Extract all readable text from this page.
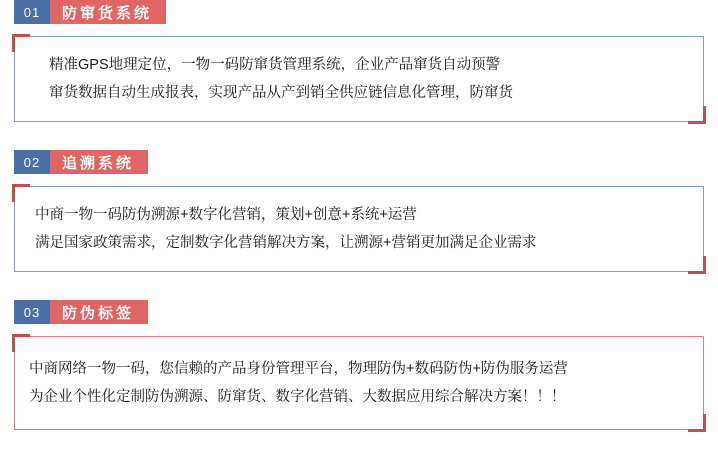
01	防窜货系统
精准GPS地理定位，一物一码防窜货管理系统，企业产品窜货自动预警
窜货数据自动生成报表，实现产品从产到销全供应链信息化管理，防窜货
02	追溯系统
中商一物一码防伪溯源+数字化营销，策划+创意+系统+运营
满足国家政策需求，定制数字化营销解决方案，让溯源+营销更加满足企业需求
03	防伪标签
中商网络一物一码，您信赖的产品身份管理平台，物理防伪+数码防伪+防伪服务运营
为企业个性化定制防伪溯源、防窜货、数字化营销、大数据应用综合解决方案！！！
